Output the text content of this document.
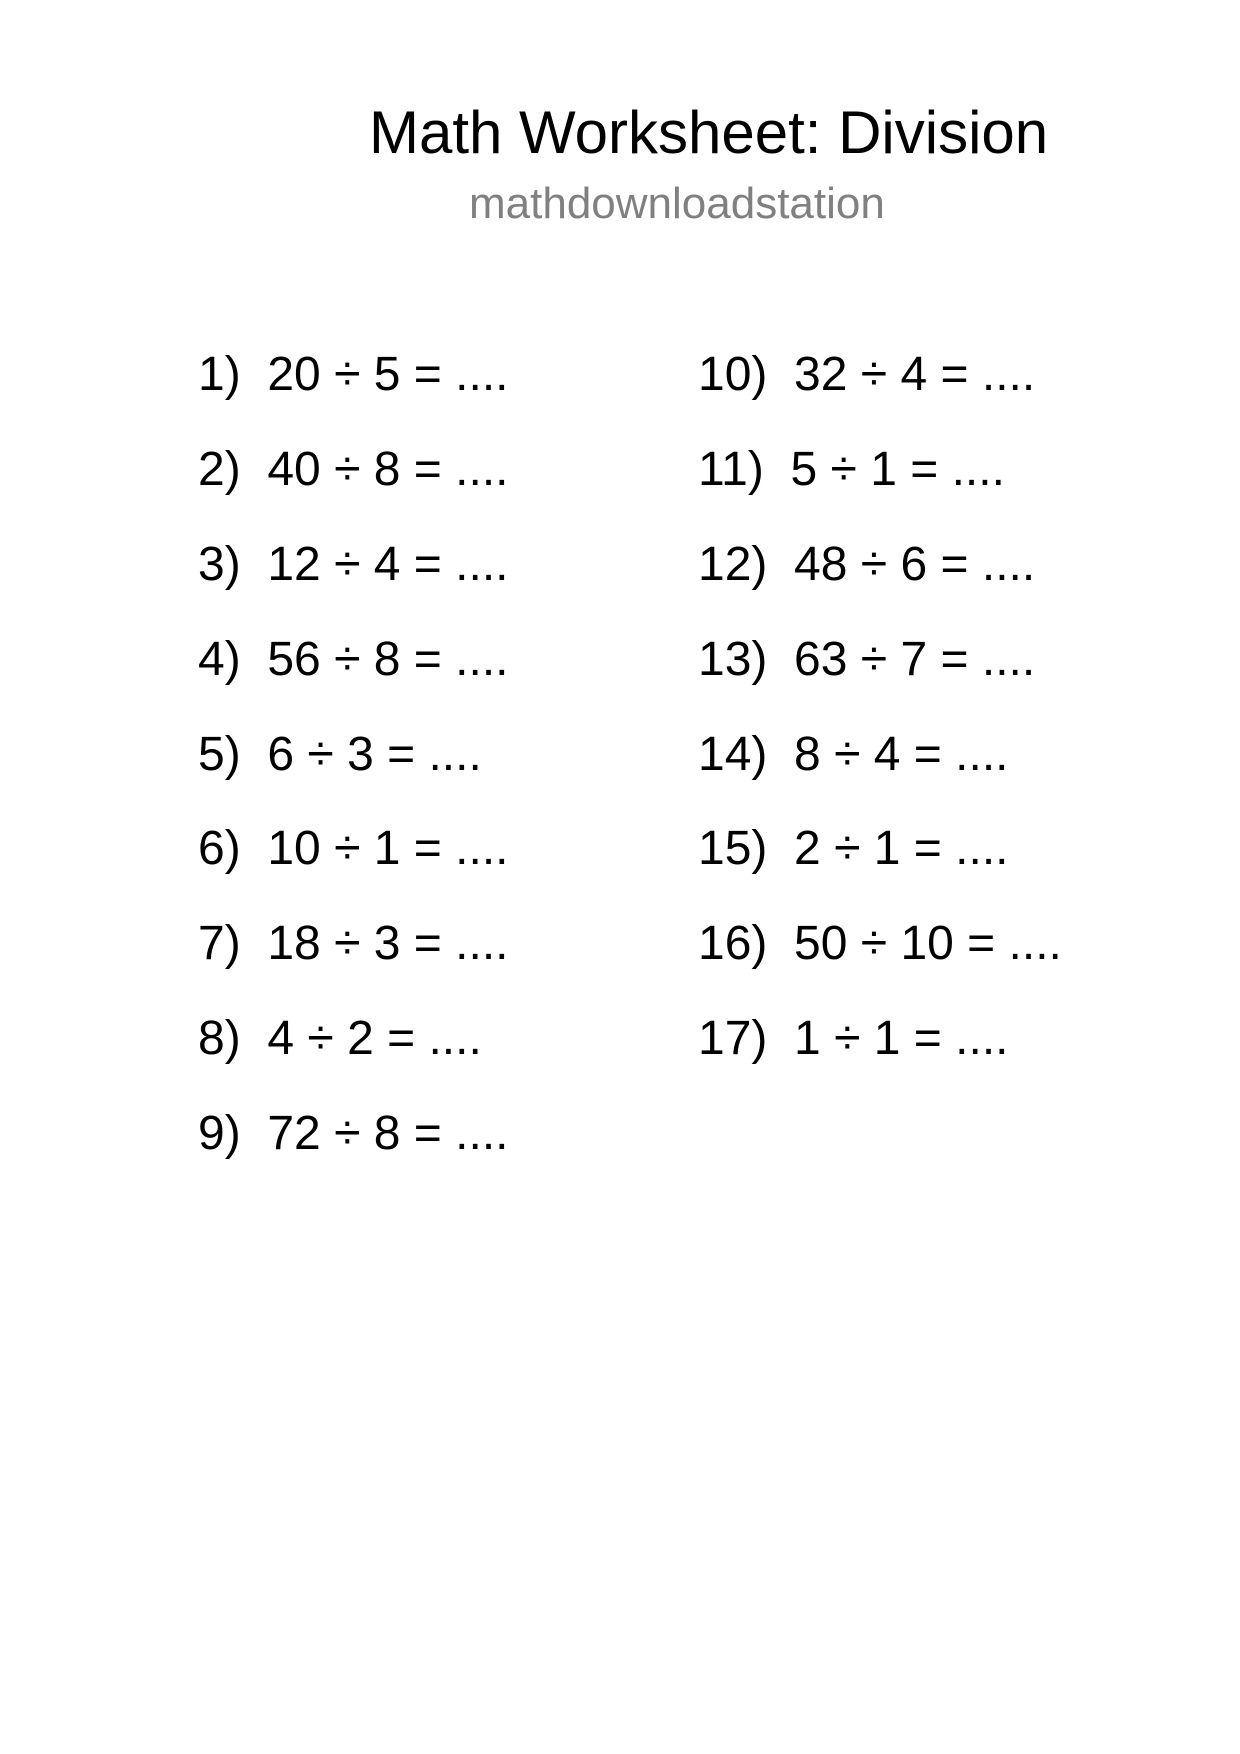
Math Worksheet: Division
mathdownloadstation
1)  20 ÷ 5 = ....
2)  40 ÷ 8 = ....
3)  12 ÷ 4 = ....
4)  56 ÷ 8 = ....
5)  6 ÷ 3 = ....
6)  10 ÷ 1 = ....
7)  18 ÷ 3 = ....
8)  4 ÷ 2 = ....
9)  72 ÷ 8 = ....
10)  32 ÷ 4 = ....
11)  5 ÷ 1 = ....
12)  48 ÷ 6 = ....
13)  63 ÷ 7 = ....
14)  8 ÷ 4 = ....
15)  2 ÷ 1 = ....
16)  50 ÷ 10 = ....
17)  1 ÷ 1 = ....
